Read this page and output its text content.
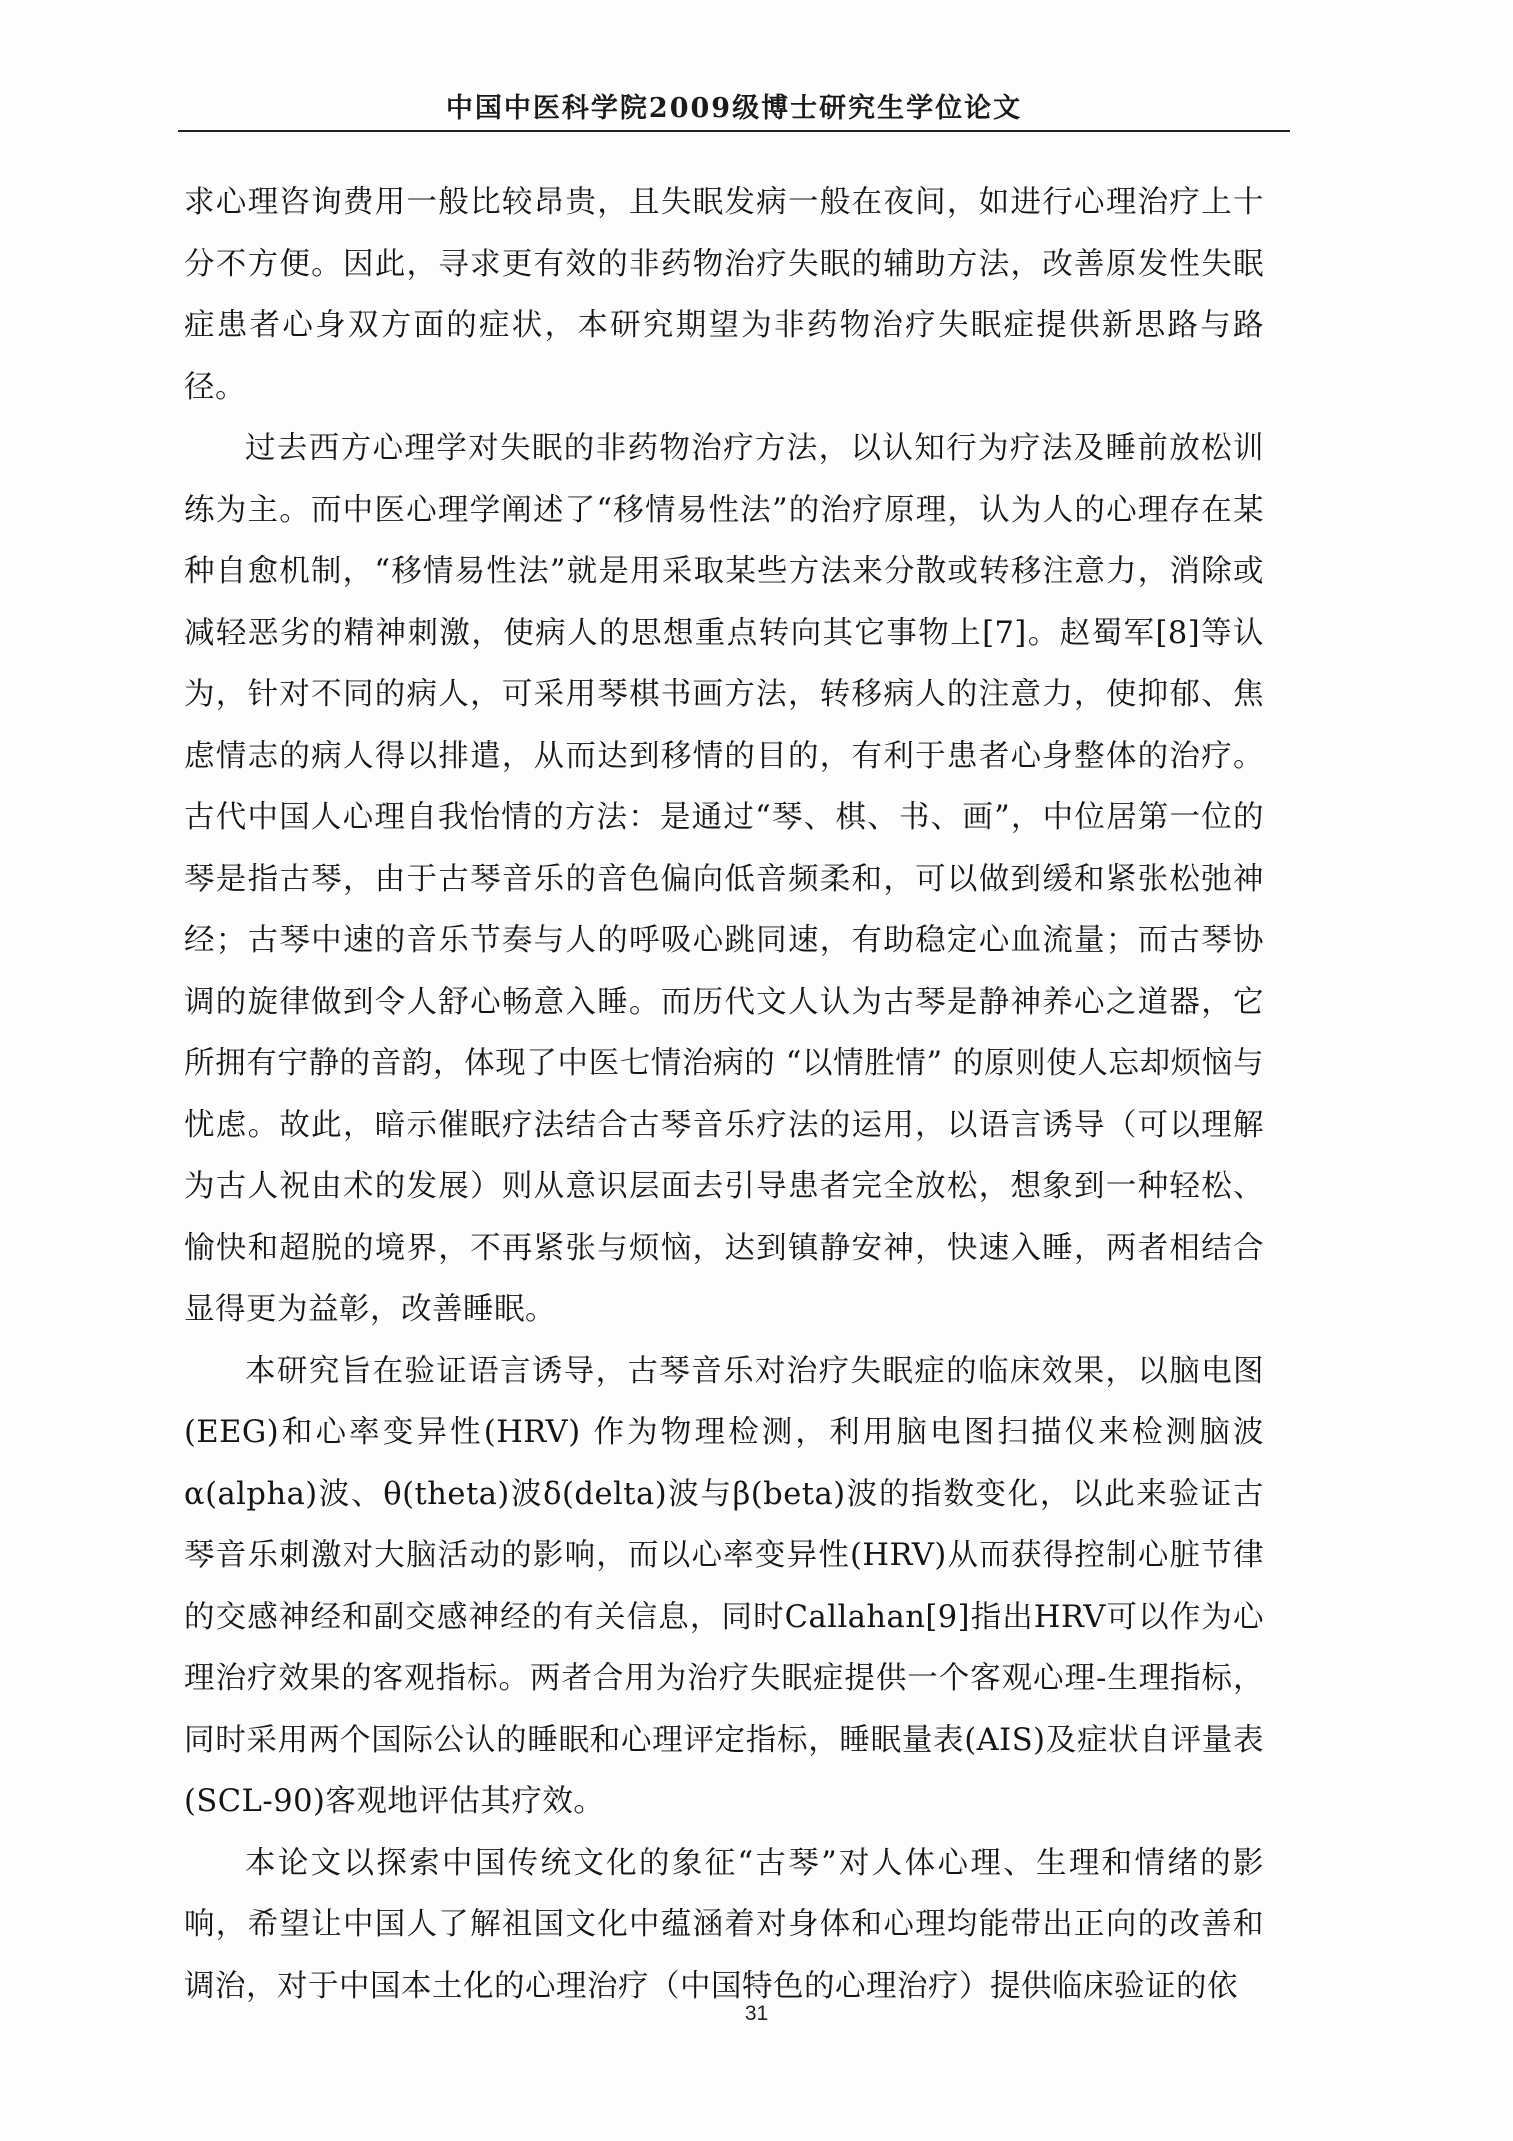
中国中医科学院2009级博士研究生学位论文

求心理咨询费用一般比较昂贵，且失眠发病一般在夜间，如进行心理治疗上十分不方便。因此，寻求更有效的非药物治疗失眠的辅助方法，改善原发性失眠症患者心身双方面的症状，本研究期望为非药物治疗失眠症提供新思路与路径。

过去西方心理学对失眠的非药物治疗方法，以认知行为疗法及睡前放松训练为主。而中医心理学阐述了“移情易性法”的治疗原理，认为人的心理存在某种自愈机制，“移情易性法”就是用采取某些方法来分散或转移注意力，消除或减轻恶劣的精神刺激，使病人的思想重点转向其它事物上[7]。赵蜀军[8]等认为，针对不同的病人，可采用琴棋书画方法，转移病人的注意力，使抑郁、焦虑情志的病人得以排遣，从而达到移情的目的，有利于患者心身整体的治疗。古代中国人心理自我怡情的方法：是通过“琴、棋、书、画”，中位居第一位的琴是指古琴，由于古琴音乐的音色偏向低音频柔和，可以做到缓和紧张松弛神经；古琴中速的音乐节奏与人的呼吸心跳同速，有助稳定心血流量；而古琴协调的旋律做到令人舒心畅意入睡。而历代文人认为古琴是静神养心之道器，它所拥有宁静的音韵，体现了中医七情治病的 “以情胜情” 的原则使人忘却烦恼与忧虑。故此，暗示催眠疗法结合古琴音乐疗法的运用，以语言诱导（可以理解为古人祝由术的发展）则从意识层面去引导患者完全放松，想象到一种轻松、愉快和超脱的境界，不再紧张与烦恼，达到镇静安神，快速入睡，两者相结合显得更为益彰，改善睡眠。

本研究旨在验证语言诱导，古琴音乐对治疗失眠症的临床效果，以脑电图(EEG)和心率变异性(HRV) 作为物理检测，利用脑电图扫描仪来检测脑波α(alpha)波、θ(theta)波δ(delta)波与β(beta)波的指数变化，以此来验证古琴音乐刺激对大脑活动的影响，而以心率变异性(HRV)从而获得控制心脏节律的交感神经和副交感神经的有关信息，同时Callahan[9]指出HRV可以作为心理治疗效果的客观指标。两者合用为治疗失眠症提供一个客观心理-生理指标，同时采用两个国际公认的睡眠和心理评定指标，睡眠量表(AIS)及症状自评量表(SCL-90)客观地评估其疗效。

本论文以探索中国传统文化的象征“古琴”对人体心理、生理和情绪的影响，希望让中国人了解祖国文化中蕴涵着对身体和心理均能带出正向的改善和调治，对于中国本土化的心理治疗（中国特色的心理治疗）提供临床验证的依

31
